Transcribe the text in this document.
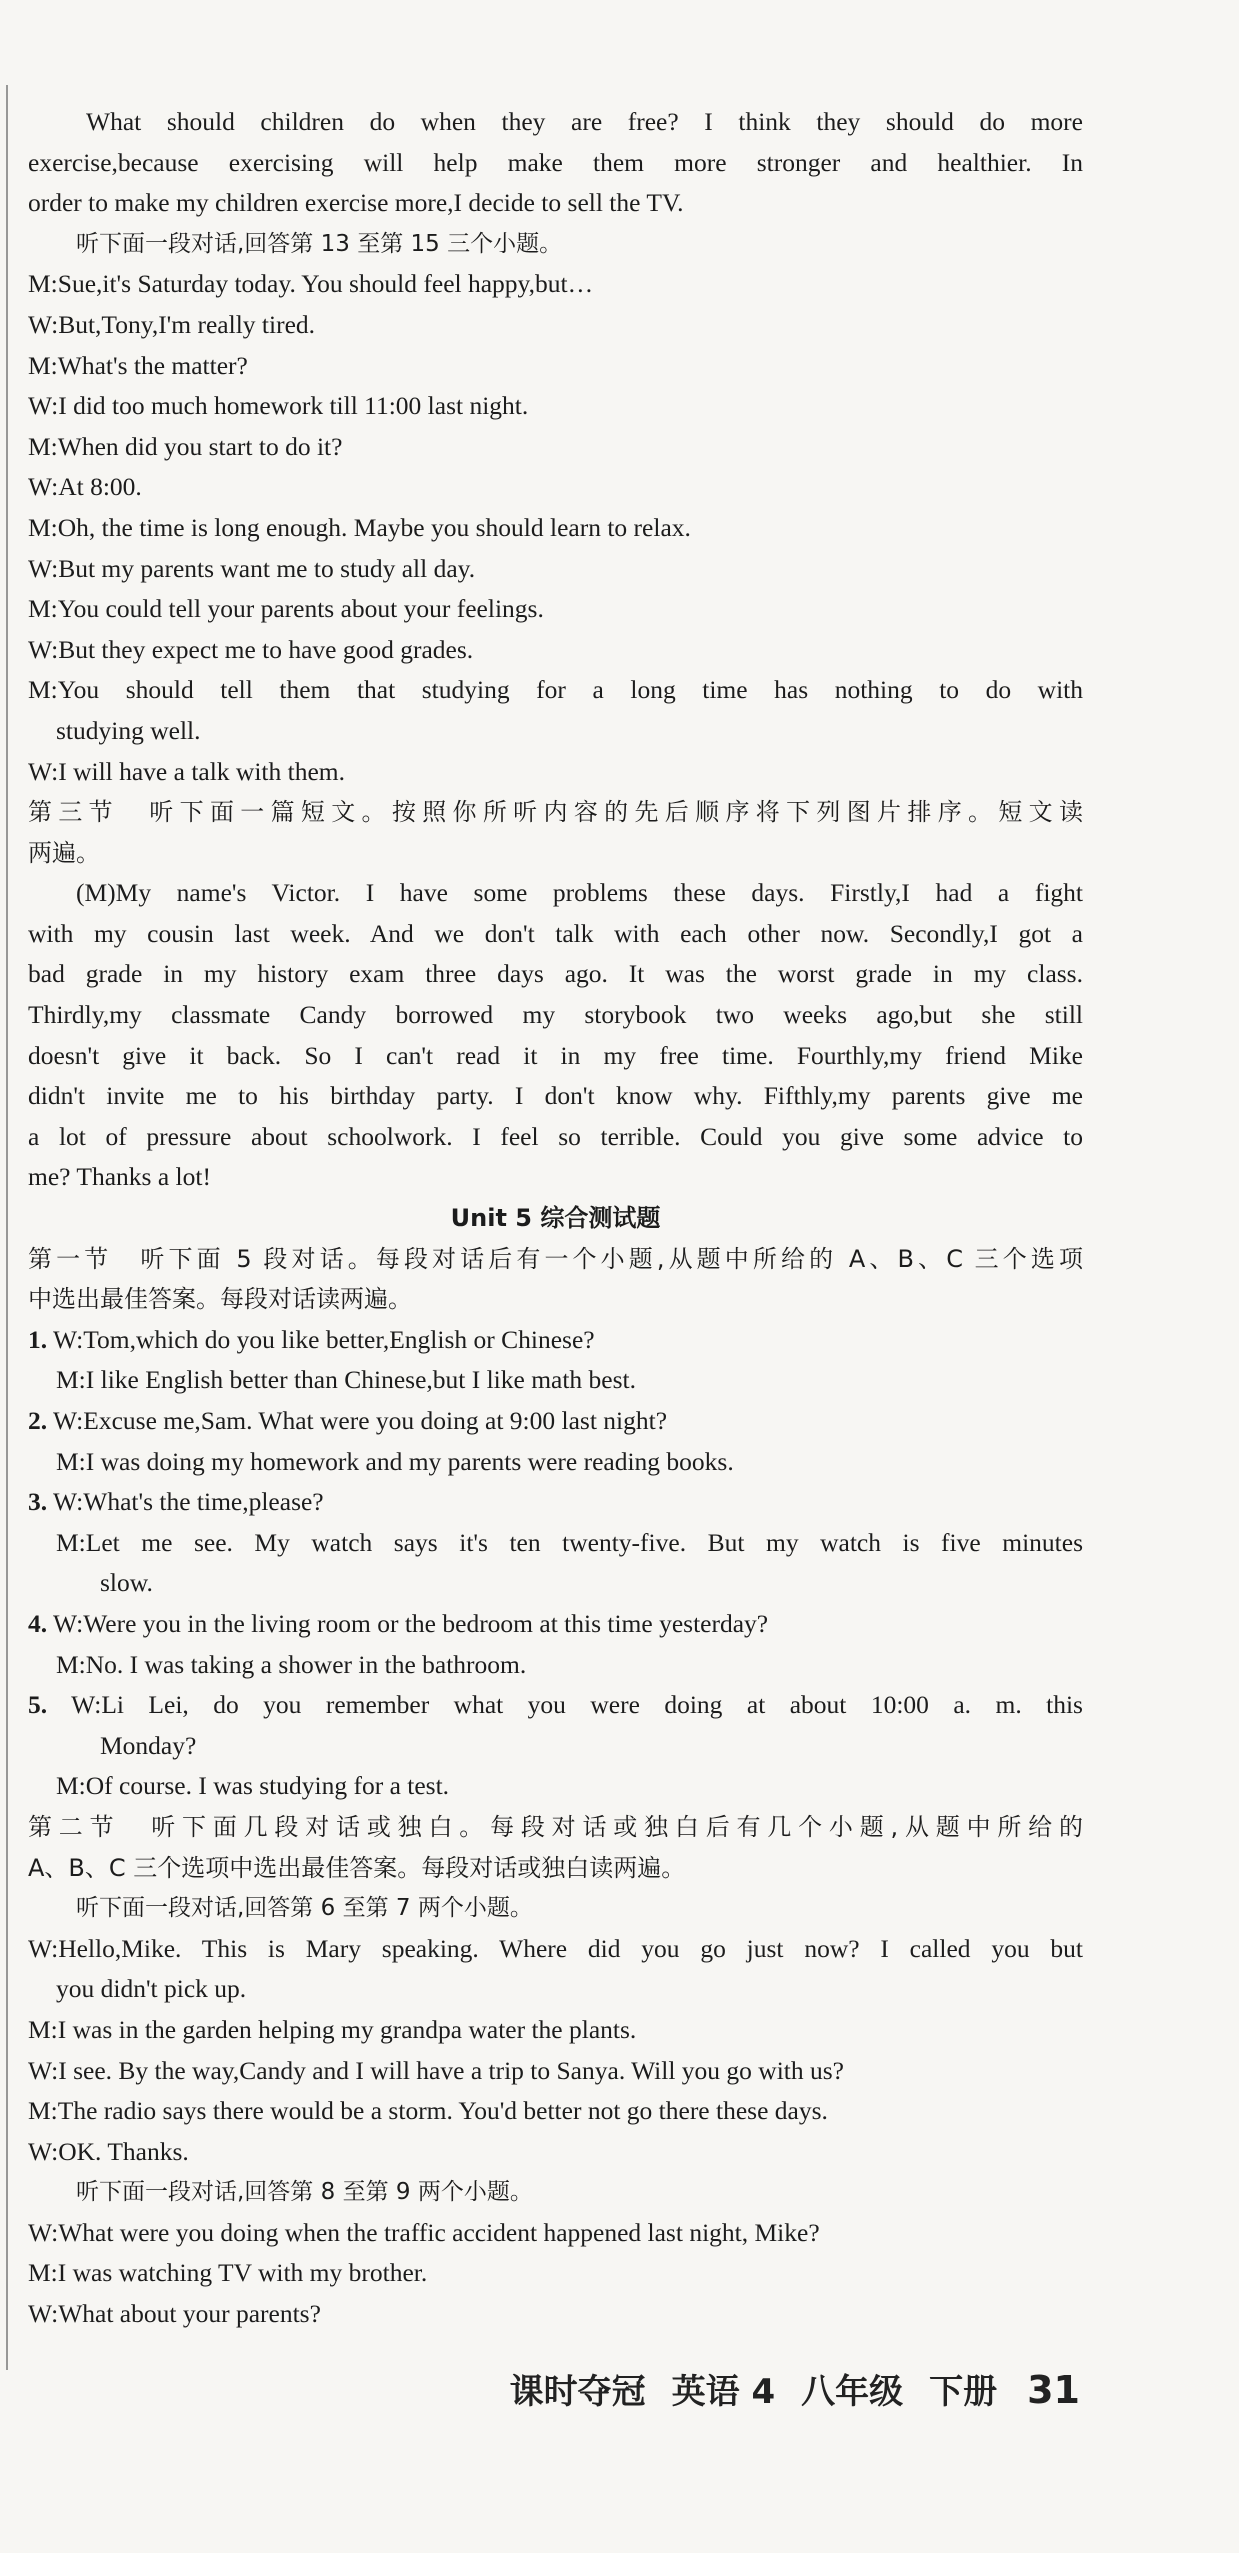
What should children do when they are free? I think they should do more
exercise,because exercising will help make them more stronger and healthier. In
order to make my children exercise more,I decide to sell the TV.
听下面一段对话,回答第 13 至第 15 三个小题。
M:Sue,it's Saturday today. You should feel happy,but…
W:But,Tony,I'm really tired.
M:What's the matter?
W:I did too much homework till 11:00 last night.
M:When did you start to do it?
W:At 8:00.
M:Oh, the time is long enough. Maybe you should learn to relax.
W:But my parents want me to study all day.
M:You could tell your parents about your feelings.
W:But they expect me to have good grades.
M:You should tell them that studying for a long time has nothing to do with
studying well.
W:I will have a talk with them.
第三节　听下面一篇短文。按照你所听内容的先后顺序将下列图片排序。短文读
两遍。
(M)My name's Victor. I have some problems these days. Firstly,I had a fight
with my cousin last week. And we don't talk with each other now. Secondly,I got a
bad grade in my history exam three days ago. It was the worst grade in my class.
Thirdly,my classmate Candy borrowed my storybook two weeks ago,but she still
doesn't give it back. So I can't read it in my free time. Fourthly,my friend Mike
didn't invite me to his birthday party. I don't know why. Fifthly,my parents give me
a lot of pressure about schoolwork. I feel so terrible. Could you give some advice to
me? Thanks a lot!
Unit 5 综合测试题
第一节　听下面 5 段对话。每段对话后有一个小题,从题中所给的 A、B、C 三个选项
中选出最佳答案。每段对话读两遍。
1. W:Tom,which do you like better,English or Chinese?
M:I like English better than Chinese,but I like math best.
2. W:Excuse me,Sam. What were you doing at 9:00 last night?
M:I was doing my homework and my parents were reading books.
3. W:What's the time,please?
M:Let me see. My watch says it's ten twenty-five. But my watch is five minutes
slow.
4. W:Were you in the living room or the bedroom at this time yesterday?
M:No. I was taking a shower in the bathroom.
5. W:Li Lei, do you remember what you were doing at about 10:00 a. m. this
Monday?
M:Of course. I was studying for a test.
第二节　听下面几段对话或独白。每段对话或独白后有几个小题,从题中所给的
A、B、C 三个选项中选出最佳答案。每段对话或独白读两遍。
听下面一段对话,回答第 6 至第 7 两个小题。
W:Hello,Mike. This is Mary speaking. Where did you go just now? I called you but
you didn't pick up.
M:I was in the garden helping my grandpa water the plants.
W:I see. By the way,Candy and I will have a trip to Sanya. Will you go with us?
M:The radio says there would be a storm. You'd better not go there these days.
W:OK. Thanks.
听下面一段对话,回答第 8 至第 9 两个小题。
W:What were you doing when the traffic accident happened last night, Mike?
M:I was watching TV with my brother.
W:What about your parents?
课时夺冠 英语 4 八年级 下册 31
